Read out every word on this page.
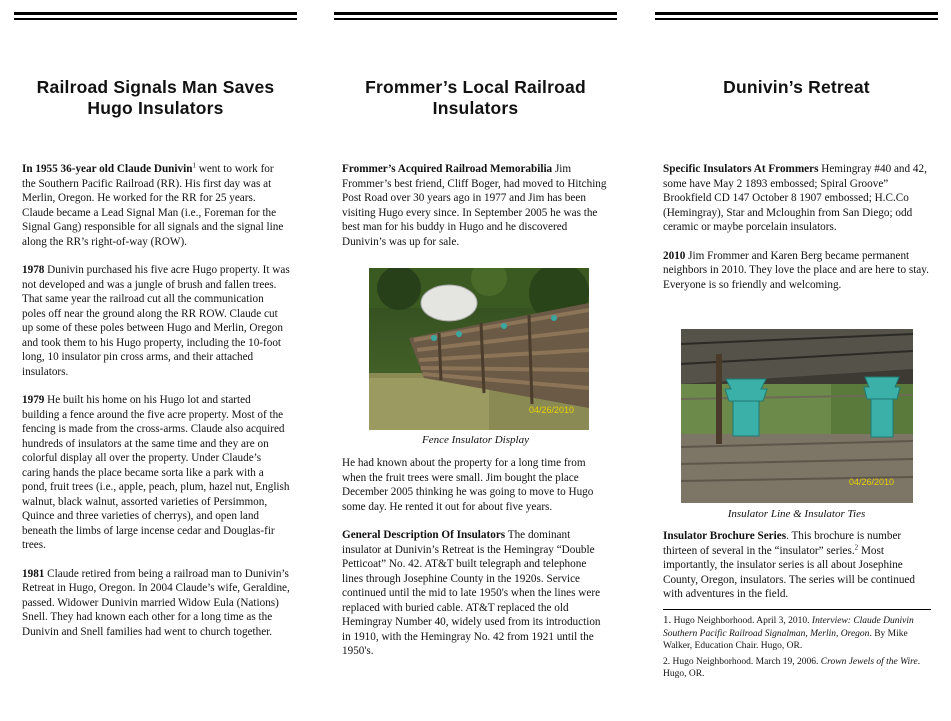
Railroad Signals Man Saves
Hugo Insulators

In 1955 36-year old Claude Dunivin$^1$ went to work for the Southern Pacific Railroad (RR). His first day was at Merlin, Oregon. He worked for the RR for 25 years. Claude became a Lead Signal Man (i.e., Foreman for the Signal Gang) responsible for all signals and the signal line along the RR’s right-of-way (ROW).

1978 Dunivin purchased his five acre Hugo property. It was not developed and was a jungle of brush and fallen trees. That same year the railroad cut all the communication poles off near the ground along the RR ROW. Claude cut up some of these poles between Hugo and Merlin, Oregon and took them to his Hugo property, including the 10-foot long, 10 insulator pin cross arms, and their attached insulators.

1979 He built his home on his Hugo lot and started building a fence around the five acre property. Most of the fencing is made from the cross-arms. Claude also acquired hundreds of insulators at the same time and they are on colorful display all over the property. Under Claude’s caring hands the place became sorta like a park with a pond, fruit trees (i.e., apple, peach, plum, hazel nut, English walnut, black walnut, assorted varieties of Persimmon, Quince and three varieties of cherrys), and open land beneath the limbs of large incense cedar and Douglas-fir trees.

1981 Claude retired from being a railroad man to Dunivin’s Retreat in Hugo, Oregon. In 2004 Claude’s wife, Geraldine, passed. Widower Dunivin married Widow Eula (Nations) Snell. They had known each other for a long time as the Dunivin and Snell families had went to church together.

Frommer’s Local Railroad
Insulators

Frommer’s Acquired Railroad Memorabilia Jim Frommer’s best friend, Cliff Boger, had moved to Hitching Post Road over 30 years ago in 1977 and Jim has been visiting Hugo every since. In September 2005 he was the best man for his buddy in Hugo and he discovered Dunivin’s was up for sale.

04/26/2010
Fence Insulator Display

He had known about the property for a long time from when the fruit trees were small. Jim bought the place December 2005 thinking he was going to move to Hugo some day. He rented it out for about five years.

General Description Of Insulators The dominant insulator at Dunivin’s Retreat is the Hemingray “Double Petticoat” No. 42. AT&T built telegraph and telephone lines through Josephine County in the 1920s. Service continued until the mid to late 1950's when the lines were replaced with buried cable. AT&T replaced the old Hemingray Number 40, widely used from its introduction in 1910, with the Hemingray No. 42 from 1921 until the 1950's.

Dunivin’s Retreat

Specific Insulators At Frommers Hemingray #40 and 42, some have May 2 1893 embossed; Spiral Groove” Brookfield CD 147 October 8 1907 embossed; H.C.Co (Hemingray), Star and Mcloughin from San Diego; odd ceramic or maybe porcelain insulators.

2010 Jim Frommer and Karen Berg became permanent neighbors in 2010. They love the place and are here to stay. Everyone is so friendly and welcoming.

04/26/2010
Insulator Line & Insulator Ties

Insulator Brochure Series. This brochure is number thirteen of several in the “insulator” series.$^2$ Most importantly, the insulator series is all about Josephine County, Oregon, insulators. The series will be continued with adventures in the field.

1. Hugo Neighborhood. April 3, 2010. Interview: Claude Dunivin Southern Pacific Railroad Signalman, Merlin, Oregon. By Mike Walker, Education Chair. Hugo, OR.

2. Hugo Neighborhood. March 19, 2006. Crown Jewels of the Wire. Hugo, OR.
